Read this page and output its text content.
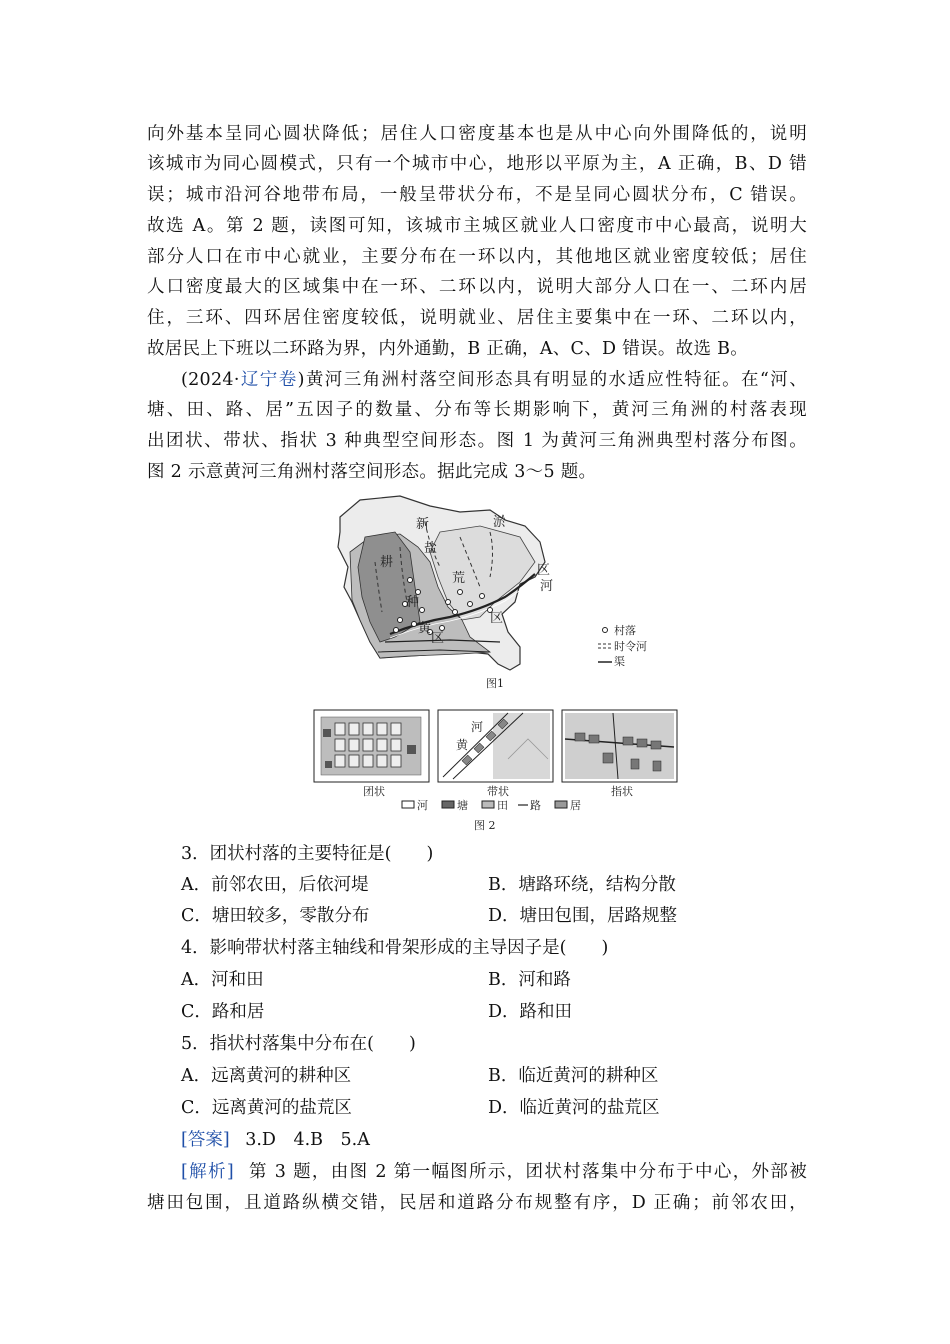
向外基本呈同心圆状降低；居住人口密度基本也是从中心向外围降低的，说明
该城市为同心圆模式，只有一个城市中心，地形以平原为主，A 正确，B、D 错
误；城市沿河谷地带布局，一般呈带状分布，不是呈同心圆状分布，C 错误。
故选 A。第 2 题，读图可知，该城市主城区就业人口密度市中心最高，说明大
部分人口在市中心就业，主要分布在一环以内，其他地区就业密度较低；居住
人口密度最大的区域集中在一环、二环以内，说明大部分人口在一、二环内居
住，三环、四环居住密度较低，说明就业、居住主要集中在一环、二环以内，
故居民上下班以二环路为界，内外通勤，B 正确，A、C、D 错误。故选 B。
(2024·辽宁卷)黄河三角洲村落空间形态具有明显的水适应性特征。在“河、
塘、田、路、居”五因子的数量、分布等长期影响下，黄河三角洲的村落表现
出团状、带状、指状 3 种典型空间形态。图 1 为黄河三角洲典型村落分布图。
图 2 示意黄河三角洲村落空间形态。据此完成 3～5 题。
新	淤
盐
荒
区
河
耕
种
区
黄
区	村落
时令河
渠
图1
河
黄
团状	带状	指状
河	塘	田 路	居
图 2
3．团状村落的主要特征是(　　)
A．前邻农田，后依河堤	B．塘路环绕，结构分散
C．塘田较多，零散分布	D．塘田包围，居路规整
4．影响带状村落主轴线和骨架形成的主导因子是(　　)
A．河和田	B．河和路
C．路和居	D．路和田
5．指状村落集中分布在(　　)
A．远离黄河的耕种区	B．临近黄河的耕种区
C．远离黄河的盐荒区	D．临近黄河的盐荒区
[答案] 3.D　4.B　5.A
[解析] 第 3 题，由图 2 第一幅图所示，团状村落集中分布于中心，外部被
塘田包围，且道路纵横交错，民居和道路分布规整有序，D 正确；前邻农田，
